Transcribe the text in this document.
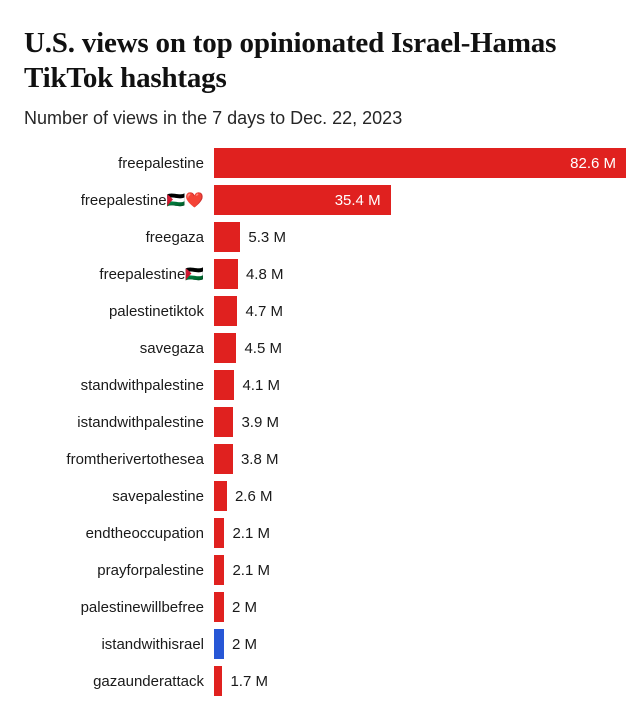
U.S. views on top opinionated Israel-Hamas TikTok hashtags

Number of views in the 7 days to Dec. 22, 2023

freepalestine	82.6 M
freepalestine🇵🇸❤️	35.4 M
freegaza	5.3 M
freepalestine🇵🇸	4.8 M
palestinetiktok	4.7 M
savegaza	4.5 M
standwithpalestine	4.1 M
istandwithpalestine	3.9 M
fromtherivertothesea	3.8 M
savepalestine	2.6 M
endtheoccupation	2.1 M
prayforpalestine	2.1 M
palestinewillbefree	2 M
istandwithisrael	2 M
gazaunderattack	1.7 M
